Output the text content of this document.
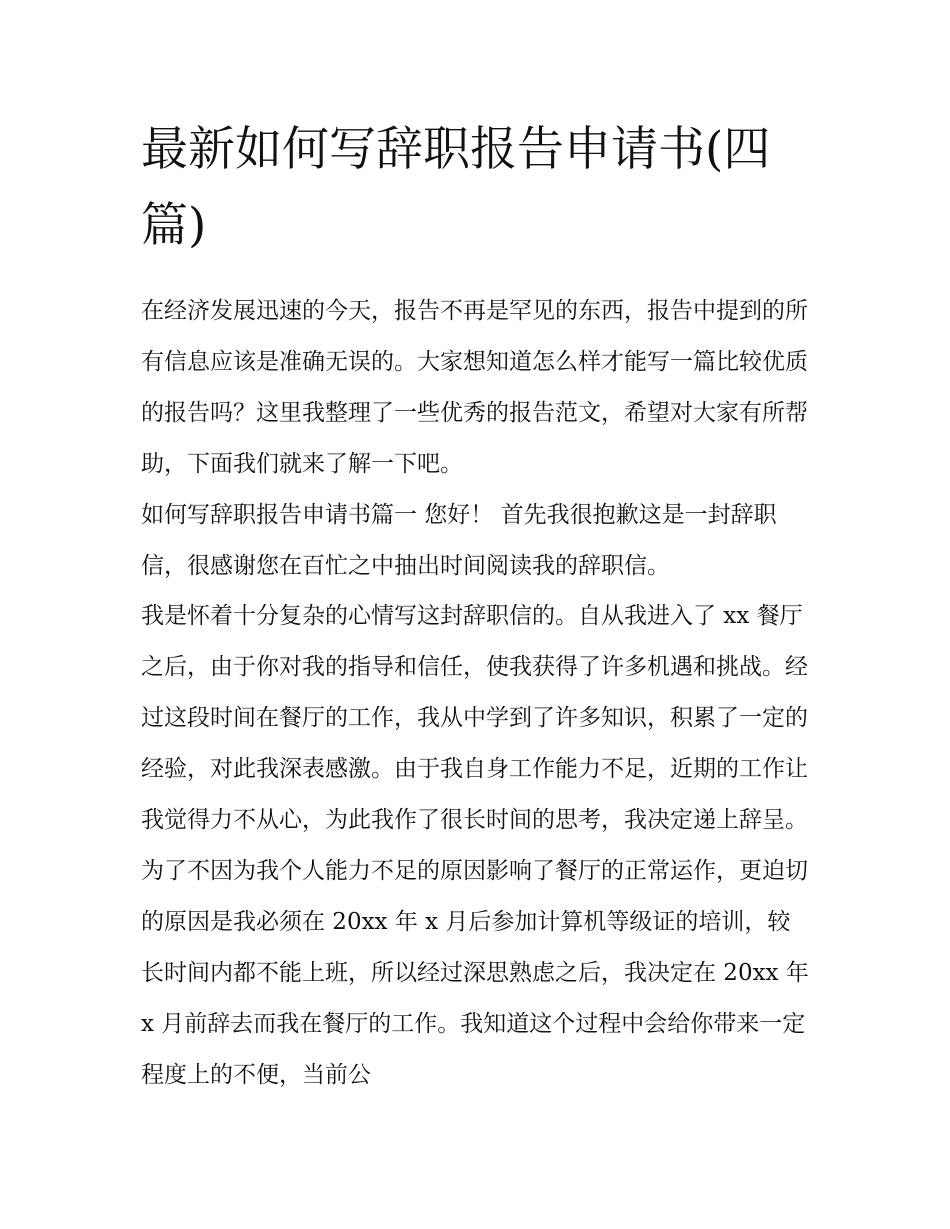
最新如何写辞职报告申请书(四篇)

在经济发展迅速的今天，报告不再是罕见的东西，报告中提到的所有信息应该是准确无误的。大家想知道怎么样才能写一篇比较优质的报告吗？这里我整理了一些优秀的报告范文，希望对大家有所帮助，下面我们就来了解一下吧。

如何写辞职报告申请书篇一 您好！ 首先我很抱歉这是一封辞职信，很感谢您在百忙之中抽出时间阅读我的辞职信。

我是怀着十分复杂的心情写这封辞职信的。自从我进入了 xx 餐厅之后，由于你对我的指导和信任，使我获得了许多机遇和挑战。经过这段时间在餐厅的工作，我从中学到了许多知识，积累了一定的经验，对此我深表感激。由于我自身工作能力不足，近期的工作让我觉得力不从心，为此我作了很长时间的思考，我决定递上辞呈。为了不因为我个人能力不足的原因影响了餐厅的正常运作，更迫切的原因是我必须在 20xx 年 x 月后参加计算机等级证的培训，较长时间内都不能上班，所以经过深思熟虑之后，我决定在 20xx 年 x 月前辞去而我在餐厅的工作。我知道这个过程中会给你带来一定程度上的不便，当前公
